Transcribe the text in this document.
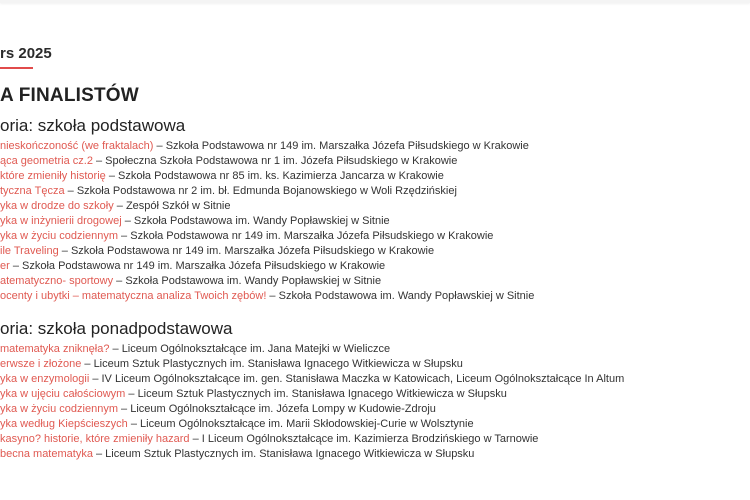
rs 2025
A FINALISTÓW
oria: szkoła podstawowa
nieskończoność (we fraktalach) – Szkoła Podstawowa nr 149 im. Marszałka Józefa Piłsudskiego w Krakowie
ąca geometria cz.2 – Społeczna Szkoła Podstawowa nr 1 im. Józefa Piłsudskiego w Krakowie
które zmieniły historię – Szkoła Podstawowa nr 85 im. ks. Kazimierza Jancarza w Krakowie
tyczna Tęcza – Szkoła Podstawowa nr 2 im. bł. Edmunda Bojanowskiego w Woli Rzędzińskiej
yka w drodze do szkoły – Zespół Szkół w Sitnie
yka w inżynierii drogowej – Szkoła Podstawowa im. Wandy Popławskiej w Sitnie
yka w życiu codziennym – Szkoła Podstawowa nr 149 im. Marszałka Józefa Piłsudskiego w Krakowie
ile Traveling – Szkoła Podstawowa nr 149 im. Marszałka Józefa Piłsudskiego w Krakowie
er – Szkoła Podstawowa nr 149 im. Marszałka Józefa Piłsudskiego w Krakowie
atematyczno- sportowy – Szkoła Podstawowa im. Wandy Popławskiej w Sitnie
ocenty i ubytki – matematyczna analiza Twoich zębów! – Szkoła Podstawowa im. Wandy Popławskiej w Sitnie
oria: szkoła ponadpodstawowa
matematyka zniknęła? – Liceum Ogólnokształcące im. Jana Matejki w Wieliczce
erwsze i złożone – Liceum Sztuk Plastycznych im. Stanisława Ignacego Witkiewicza w Słupsku
yka w enzymologii – IV Liceum Ogólnokształcące im. gen. Stanisława Maczka w Katowicach, Liceum Ogólnokształcące In Altum
yka w ujęciu całościowym – Liceum Sztuk Plastycznych im. Stanisława Ignacego Witkiewicza w Słupsku
yka w życiu codziennym – Liceum Ogólnokształcące im. Józefa Lompy w Kudowie-Zdroju
yka według Kiepścieszych – Liceum Ogólnokształcące im. Marii Skłodowskiej-Curie w Wolsztynie
kasyno? historie, które zmieniły hazard – I Liceum Ogólnokształcące im. Kazimierza Brodzińskiego w Tarnowie
becna matematyka – Liceum Sztuk Plastycznych im. Stanisława Ignacego Witkiewicza w Słupsku
